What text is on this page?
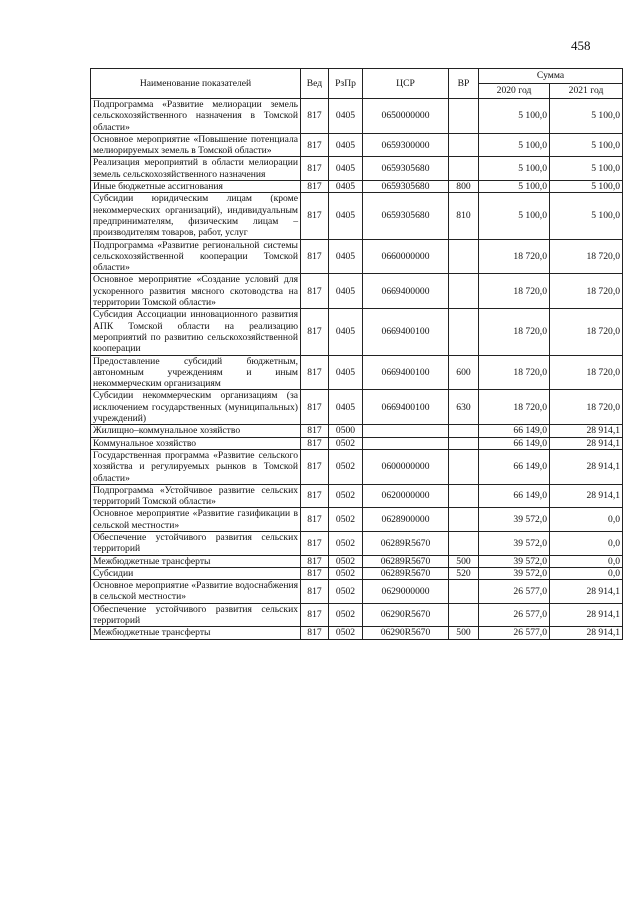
458
Наименование показателей	Вед	РзПр	ЦСР	ВР	Сумма	
					2020 год	2021 год
Подпрограмма «Развитие мелиорации земель сельскохозяйственного назначения в Томской области»	817	0405	0650000000		5 100,0	5 100,0
Основное мероприятие «Повышение потенциала мелиорируемых земель в Томской области»	817	0405	0659300000		5 100,0	5 100,0
Реализация мероприятий в области мелиорации земель сельскохозяйственного назначения	817	0405	0659305680		5 100,0	5 100,0
Иные бюджетные ассигнования	817	0405	0659305680	800	5 100,0	5 100,0
Субсидии юридическим лицам (кроме некоммерческих организаций), индивидуальным предпринимателям, физическим лицам – производителям товаров, работ, услуг	817	0405	0659305680	810	5 100,0	5 100,0
Подпрограмма «Развитие региональной системы сельскохозяйственной кооперации Томской области»	817	0405	0660000000		18 720,0	18 720,0
Основное мероприятие «Создание условий для ускоренного развития мясного скотоводства на территории Томской области»	817	0405	0669400000		18 720,0	18 720,0
Субсидия Ассоциации инновационного развития АПК Томской области на реализацию мероприятий по развитию сельскохозяйственной кооперации	817	0405	0669400100		18 720,0	18 720,0
Предоставление субсидий бюджетным, автономным учреждениям и иным некоммерческим организациям	817	0405	0669400100	600	18 720,0	18 720,0
Субсидии некоммерческим организациям (за исключением государственных (муниципальных) учреждений)	817	0405	0669400100	630	18 720,0	18 720,0
Жилищно–коммунальное хозяйство	817	0500			66 149,0	28 914,1
Коммунальное хозяйство	817	0502			66 149,0	28 914,1
Государственная программа «Развитие сельского хозяйства и регулируемых рынков в Томской области»	817	0502	0600000000		66 149,0	28 914,1
Подпрограмма «Устойчивое развитие сельских территорий Томской области»	817	0502	0620000000		66 149,0	28 914,1
Основное мероприятие «Развитие газификации в сельской местности»	817	0502	0628900000		39 572,0	0,0
Обеспечение устойчивого развития сельских территорий	817	0502	06289R5670		39 572,0	0,0
Межбюджетные трансферты	817	0502	06289R5670	500	39 572,0	0,0
Субсидии	817	0502	06289R5670	520	39 572,0	0,0
Основное мероприятие «Развитие водоснабжения в сельской местности»	817	0502	0629000000		26 577,0	28 914,1
Обеспечение устойчивого развития сельских территорий	817	0502	06290R5670		26 577,0	28 914,1
Межбюджетные трансферты	817	0502	06290R5670	500	26 577,0	28 914,1
